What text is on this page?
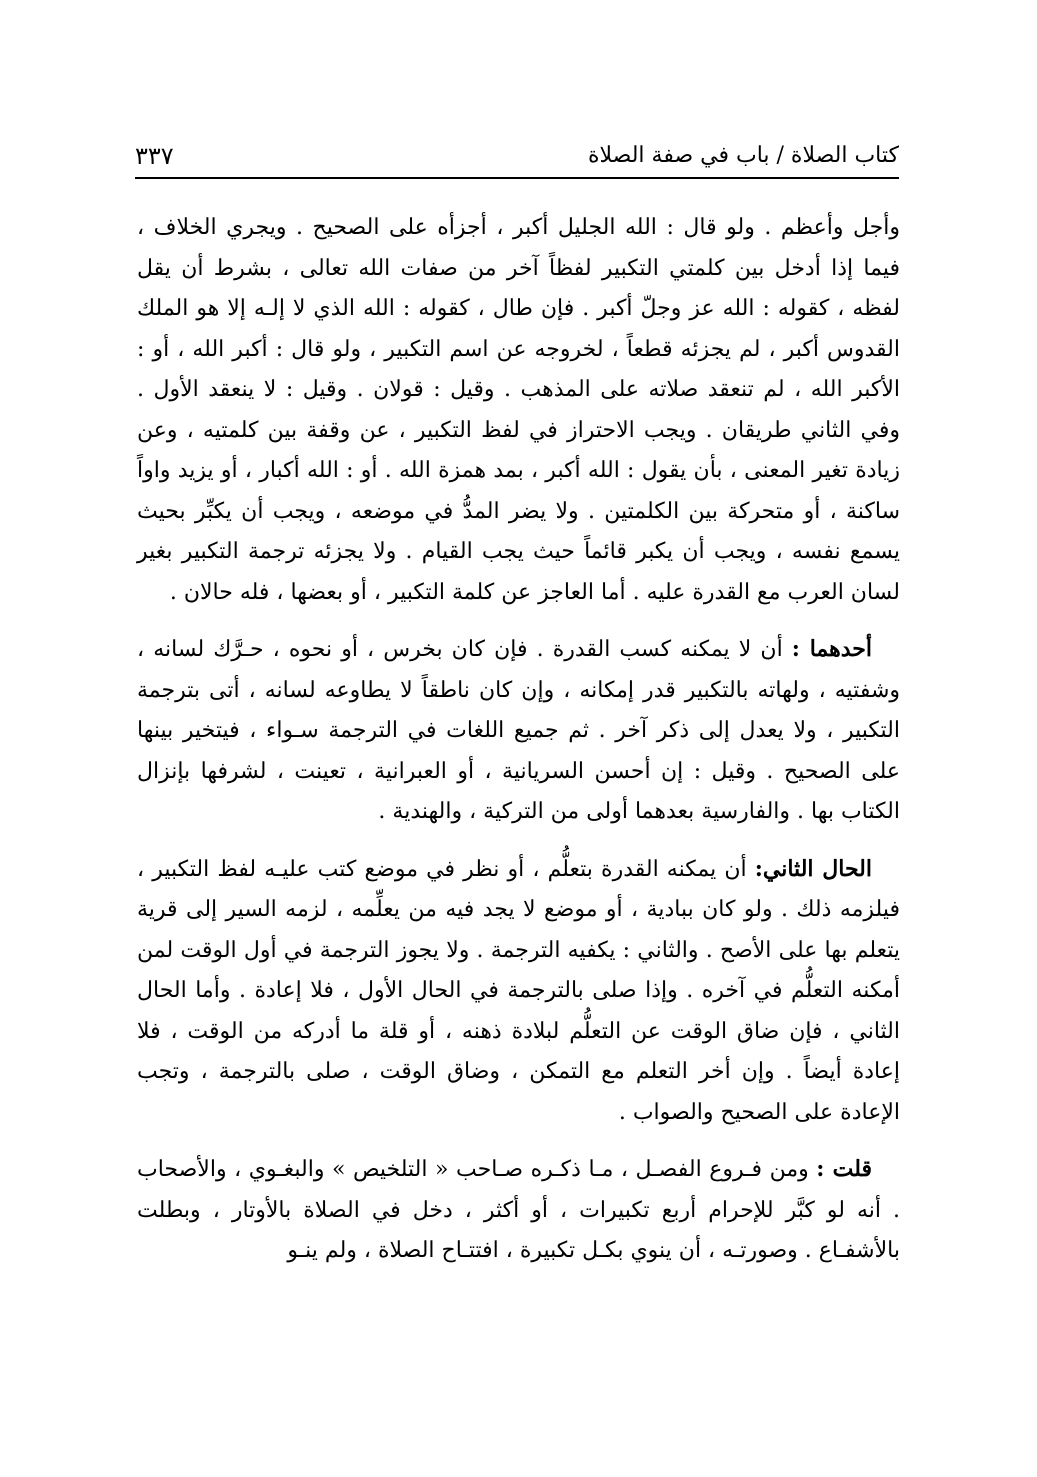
كتاب الصلاة / باب في صفة الصلاة
٣٣٧

وأجل وأعظم . ولو قال : الله الجليل أكبر ، أجزأه على الصحيح . ويجري الخلاف ، فيما إذا أدخل بين كلمتي التكبير لفظاً آخر من صفات الله تعالى ، بشرط أن يقل لفظه ، كقوله : الله عز وجلّ أكبر . فإن طال ، كقوله : الله الذي لا إلـه إلا هو الملك القدوس أكبر ، لم يجزئه قطعاً ، لخروجه عن اسم التكبير ، ولو قال : أكبر الله ، أو : الأكبر الله ، لم تنعقد صلاته على المذهب . وقيل : قولان . وقيل : لا ينعقد الأول . وفي الثاني طريقان . ويجب الاحتراز في لفظ التكبير ، عن وقفة بين كلمتيه ، وعن زيادة تغير المعنى ، بأن يقول : الله أكبر ، بمد همزة الله . أو : الله أكبار ، أو يزيد واواً ساكنة ، أو متحركة بين الكلمتين . ولا يضر المدُّ في موضعه ، ويجب أن يكبِّر بحيث يسمع نفسه ، ويجب أن يكبر قائماً حيث يجب القيام . ولا يجزئه ترجمة التكبير بغير لسان العرب مع القدرة عليه . أما العاجز عن كلمة التكبير ، أو بعضها ، فله حالان .

أحدهما : أن لا يمكنه كسب القدرة . فإن كان بخرس ، أو نحوه ، حـرَّك لسانه ، وشفتيه ، ولهاته بالتكبير قدر إمكانه ، وإن كان ناطقاً لا يطاوعه لسانه ، أتى بترجمة التكبير ، ولا يعدل إلى ذكر آخر . ثم جميع اللغات في الترجمة سـواء ، فيتخير بينها على الصحيح . وقيل : إن أحسن السريانية ، أو العبرانية ، تعينت ، لشرفها بإنزال الكتاب بها . والفارسية بعدهما أولى من التركية ، والهندية .

الحال الثاني: أن يمكنه القدرة بتعلُّم ، أو نظر في موضع كتب عليـه لفظ التكبير ، فيلزمه ذلك . ولو كان ببادية ، أو موضع لا يجد فيه من يعلِّمه ، لزمه السير إلى قرية يتعلم بها على الأصح . والثاني : يكفيه الترجمة . ولا يجوز الترجمة في أول الوقت لمن أمكنه التعلُّم في آخره . وإذا صلى بالترجمة في الحال الأول ، فلا إعادة . وأما الحال الثاني ، فإن ضاق الوقت عن التعلُّم لبلادة ذهنه ، أو قلة ما أدركه من الوقت ، فلا إعادة أيضاً . وإن أخر التعلم مع التمكن ، وضاق الوقت ، صلى بالترجمة ، وتجب الإعادة على الصحيح والصواب .

قلت : ومن فـروع الفصـل ، مـا ذكـره صـاحب « التلخيص » والبغـوي ، والأصحاب . أنه لو كبَّر للإحرام أربع تكبيرات ، أو أكثر ، دخل في الصلاة بالأوتار ، وبطلت بالأشفـاع . وصورتـه ، أن ينوي بكـل تكبيرة ، افتتـاح الصلاة ، ولم ينـو
